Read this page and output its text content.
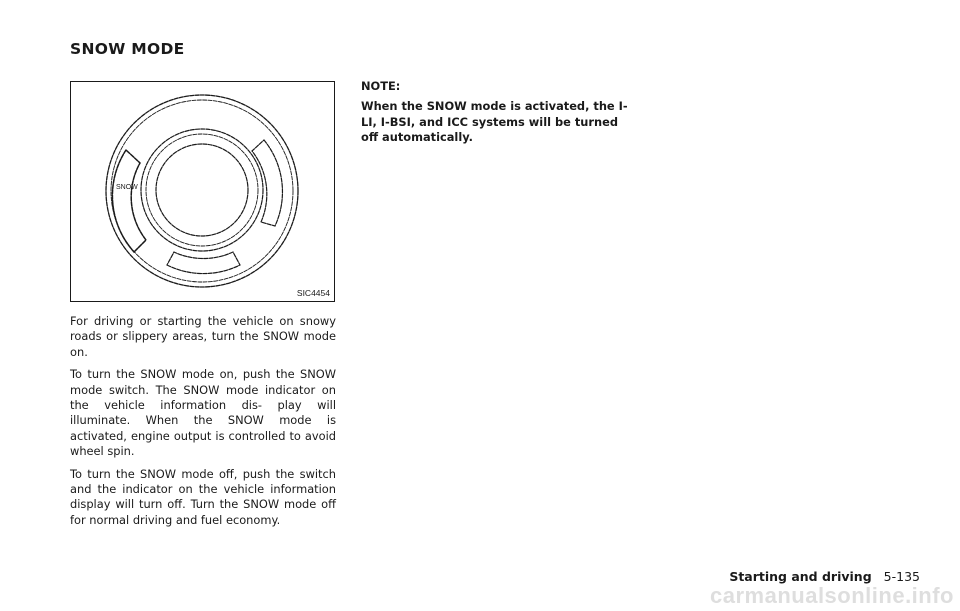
SNOW MODE
SNOW
SIC4454

For driving or starting the vehicle on snowy roads or slippery areas, turn the SNOW mode on.

To turn the SNOW mode on, push the SNOW mode switch. The SNOW mode indicator on the vehicle information dis- play will illuminate. When the SNOW mode is activated, engine output is controlled to avoid wheel spin.

To turn the SNOW mode off, push the switch and the indicator on the vehicle information display will turn off. Turn the SNOW mode off for normal driving and fuel economy.

NOTE:

When the SNOW mode is activated, the I-LI, I-BSI, and ICC systems will be turned off automatically.

Starting and driving 5-135
carmanualsonline.info
